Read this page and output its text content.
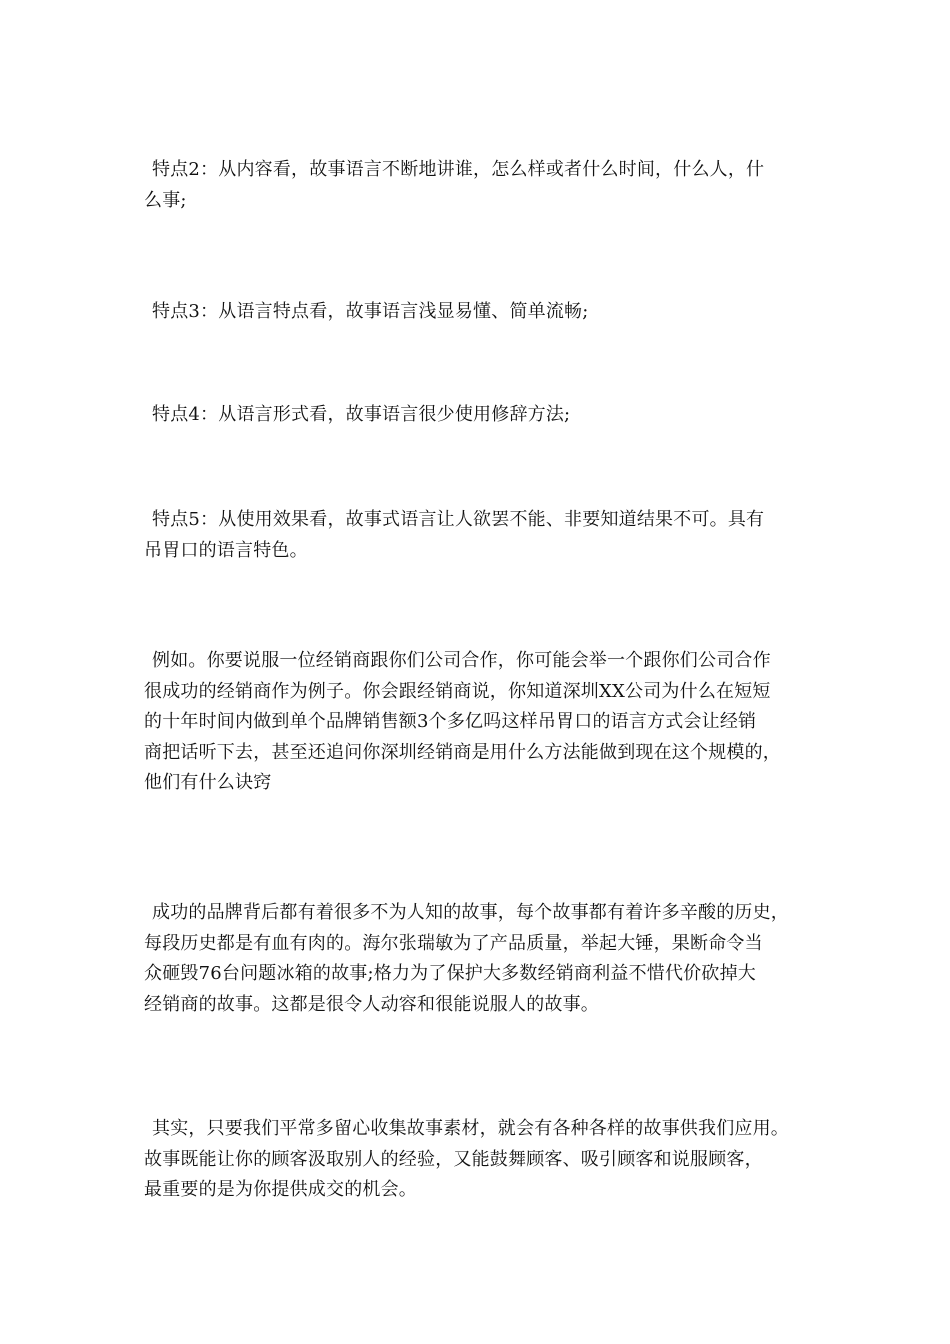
特点2：从内容看，故事语言不断地讲谁，怎么样或者什么时间，什么人，什
么事;
特点3：从语言特点看，故事语言浅显易懂、简单流畅;
特点4：从语言形式看，故事语言很少使用修辞方法;
特点5：从使用效果看，故事式语言让人欲罢不能、非要知道结果不可。具有
吊胃口的语言特色。
例如。你要说服一位经销商跟你们公司合作，你可能会举一个跟你们公司合作
很成功的经销商作为例子。你会跟经销商说，你知道深圳XX公司为什么在短短
的十年时间内做到单个品牌销售额3个多亿吗这样吊胃口的语言方式会让经销
商把话听下去，甚至还追问你深圳经销商是用什么方法能做到现在这个规模的，
他们有什么诀窍
成功的品牌背后都有着很多不为人知的故事，每个故事都有着许多辛酸的历史，
每段历史都是有血有肉的。海尔张瑞敏为了产品质量，举起大锤，果断命令当
众砸毁76台问题冰箱的故事;格力为了保护大多数经销商利益不惜代价砍掉大
经销商的故事。这都是很令人动容和很能说服人的故事。
其实，只要我们平常多留心收集故事素材，就会有各种各样的故事供我们应用。
故事既能让你的顾客汲取别人的经验，又能鼓舞顾客、吸引顾客和说服顾客，
最重要的是为你提供成交的机会。
